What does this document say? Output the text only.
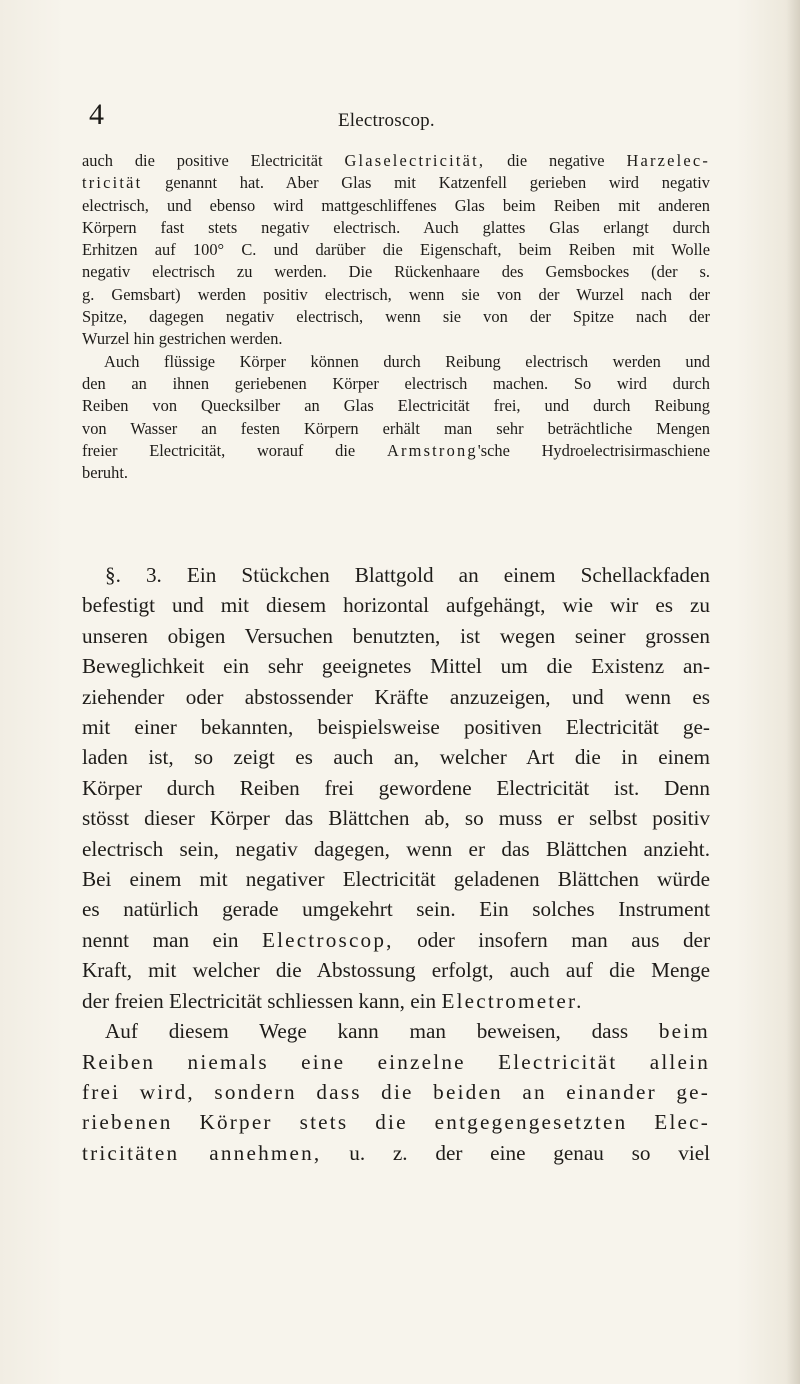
4	Electroscop.
auch die positive Electricität Glaselectricität, die negative Harzelec-
tricität genannt hat. Aber Glas mit Katzenfell gerieben wird negativ
electrisch, und ebenso wird mattgeschliffenes Glas beim Reiben mit anderen
Körpern fast stets negativ electrisch. Auch glattes Glas erlangt durch
Erhitzen auf 100° C. und darüber die Eigenschaft, beim Reiben mit Wolle
negativ electrisch zu werden. Die Rückenhaare des Gemsbockes (der s.
g. Gemsbart) werden positiv electrisch, wenn sie von der Wurzel nach der
Spitze, dagegen negativ electrisch, wenn sie von der Spitze nach der
Wurzel hin gestrichen werden.
Auch flüssige Körper können durch Reibung electrisch werden und
den an ihnen geriebenen Körper electrisch machen. So wird durch
Reiben von Quecksilber an Glas Electricität frei, und durch Reibung
von Wasser an festen Körpern erhält man sehr beträchtliche Mengen
freier Electricität, worauf die Armstrong'sche Hydroelectrisirmaschiene
beruht.
§. 3. Ein Stückchen Blattgold an einem Schellackfaden
befestigt und mit diesem horizontal aufgehängt, wie wir es zu
unseren obigen Versuchen benutzten, ist wegen seiner grossen
Beweglichkeit ein sehr geeignetes Mittel um die Existenz an-
ziehender oder abstossender Kräfte anzuzeigen, und wenn es
mit einer bekannten, beispielsweise positiven Electricität ge-
laden ist, so zeigt es auch an, welcher Art die in einem
Körper durch Reiben frei gewordene Electricität ist. Denn
stösst dieser Körper das Blättchen ab, so muss er selbst positiv
electrisch sein, negativ dagegen, wenn er das Blättchen anzieht.
Bei einem mit negativer Electricität geladenen Blättchen würde
es natürlich gerade umgekehrt sein. Ein solches Instrument
nennt man ein Electroscop, oder insofern man aus der
Kraft, mit welcher die Abstossung erfolgt, auch auf die Menge
der freien Electricität schliessen kann, ein Electrometer.
Auf diesem Wege kann man beweisen, dass beim
Reiben niemals eine einzelne Electricität allein
frei wird, sondern dass die beiden an einander ge-
riebenen Körper stets die entgegengesetzten Elec-
tricitäten annehmen, u. z. der eine genau so viel
